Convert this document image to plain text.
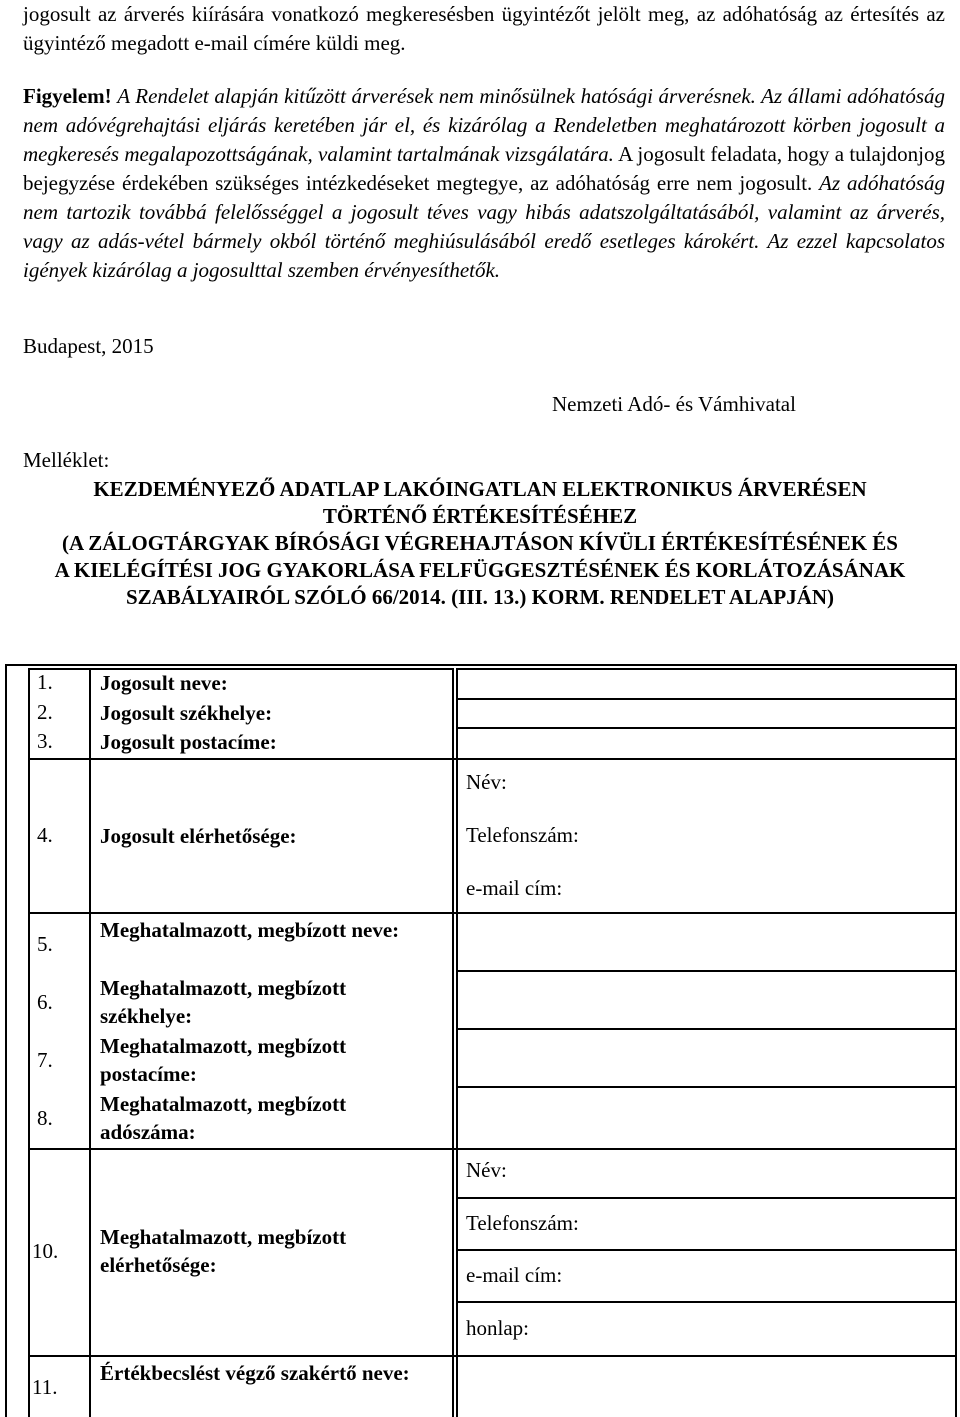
jogosult az árverés kiírására vonatkozó megkeresésben ügyintézőt jelölt meg, az adóhatóság az értesítés az ügyintéző megadott e-mail címére küldi meg.

Figyelem! A Rendelet alapján kitűzött árverések nem minősülnek hatósági árverésnek. Az állami adóhatóság nem adóvégrehajtási eljárás keretében jár el, és kizárólag a Rendeletben meghatározott körben jogosult a megkeresés megalapozottságának, valamint tartalmának vizsgálatára. A jogosult feladata, hogy a tulajdonjog bejegyzése érdekében szükséges intézkedéseket megtegye, az adóhatóság erre nem jogosult. Az adóhatóság nem tartozik továbbá felelősséggel a jogosult téves vagy hibás adatszolgáltatásából, valamint az árverés, vagy az adás-vétel bármely okból történő meghiúsulásából eredő esetleges károkért. Az ezzel kapcsolatos igények kizárólag a jogosulttal szemben érvényesíthetők.

Budapest, 2015
Nemzeti Adó- és Vámhivatal
Melléklet:
KEZDEMÉNYEZŐ ADATLAP LAKÓINGATLAN ELEKTRONIKUS ÁRVERÉSEN
TÖRTÉNŐ ÉRTÉKESÍTÉSÉHEZ
(A ZÁLOGTÁRGYAK BÍRÓSÁGI VÉGREHAJTÁSON KÍVÜLI ÉRTÉKESÍTÉSÉNEK ÉS
A KIELÉGÍTÉSI JOG GYAKORLÁSA FELFÜGGESZTÉSÉNEK ÉS KORLÁTOZÁSÁNAK
SZABÁLYAIRÓL SZÓLÓ 66/2014. (III. 13.) KORM. RENDELET ALAPJÁN)
1. Jogosult neve:
2. Jogosult székhelye:
3. Jogosult postacíme:
4. Jogosult elérhetősége:
Név:
Telefonszám:
e-mail cím:
5.
Meghatalmazott, megbízott neve:
6.
Meghatalmazott, megbízott székhelye:
7.
Meghatalmazott, megbízott postacíme:
8.
Meghatalmazott, megbízott adószáma:
10.
Meghatalmazott, megbízott elérhetősége:
Név:
Telefonszám:
e-mail cím:
honlap:
11.
Értékbecslést végző szakértő neve:
